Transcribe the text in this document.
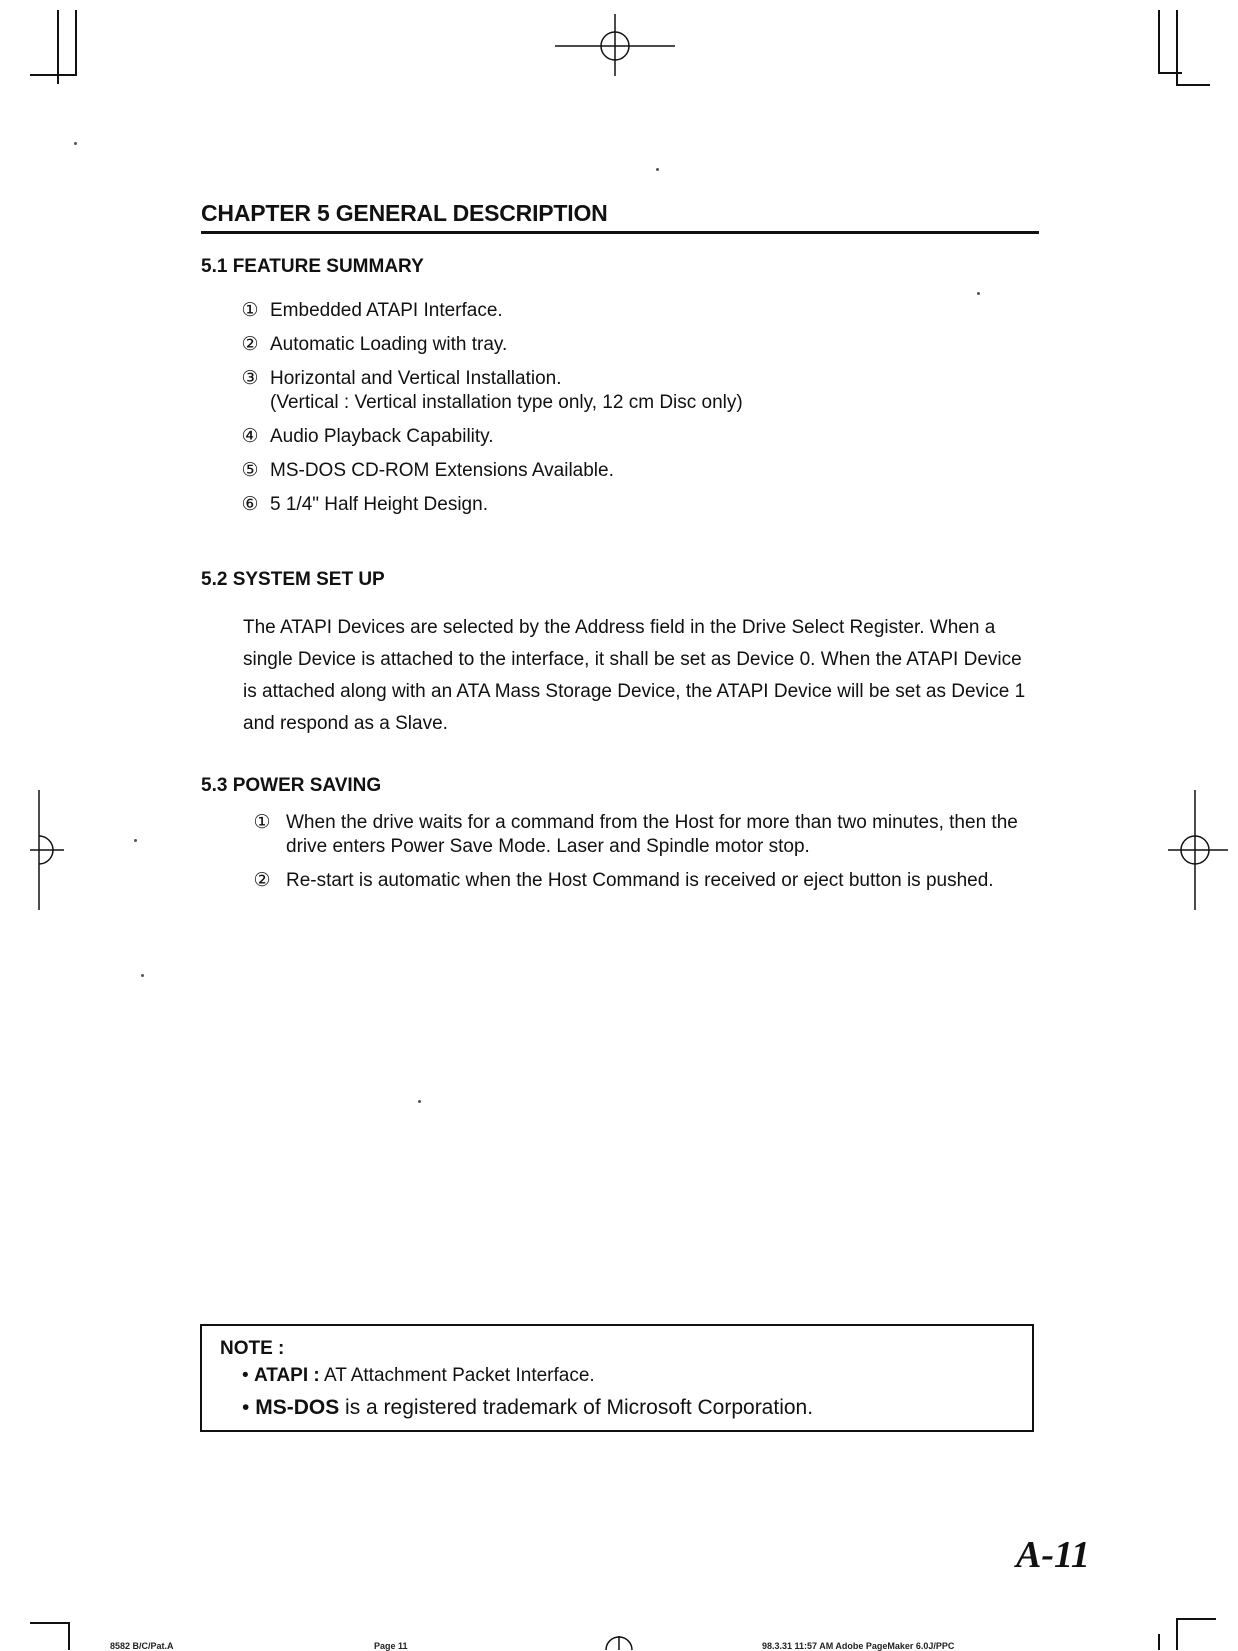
CHAPTER 5 GENERAL DESCRIPTION
5.1 FEATURE SUMMARY
① Embedded ATAPI Interface.
② Automatic Loading with tray.
③ Horizontal and Vertical Installation.
(Vertical : Vertical installation type only, 12 cm Disc only)
④ Audio Playback Capability.
⑤ MS-DOS CD-ROM Extensions Available.
⑥ 5 1/4" Half Height Design.
5.2 SYSTEM SET UP

The ATAPI Devices are selected by the Address field in the Drive Select Register. When a single Device is attached to the interface, it shall be set as Device 0. When the ATAPI Device is attached along with an ATA Mass Storage Device, the ATAPI Device will be set as Device 1 and respond as a Slave.

5.3 POWER SAVING
① When the drive waits for a command from the Host for more than two minutes, then the drive enters Power Save Mode. Laser and Spindle motor stop.
② Re-start is automatic when the Host Command is received or eject button is pushed.
NOTE :
• ATAPI : AT Attachment Packet Interface.
• MS-DOS is a registered trademark of Microsoft Corporation.
A-11
8582 B/C/Pat.A	Page 11	98.3.31 11:57 AM Adobe PageMaker 6.0J/PPC
